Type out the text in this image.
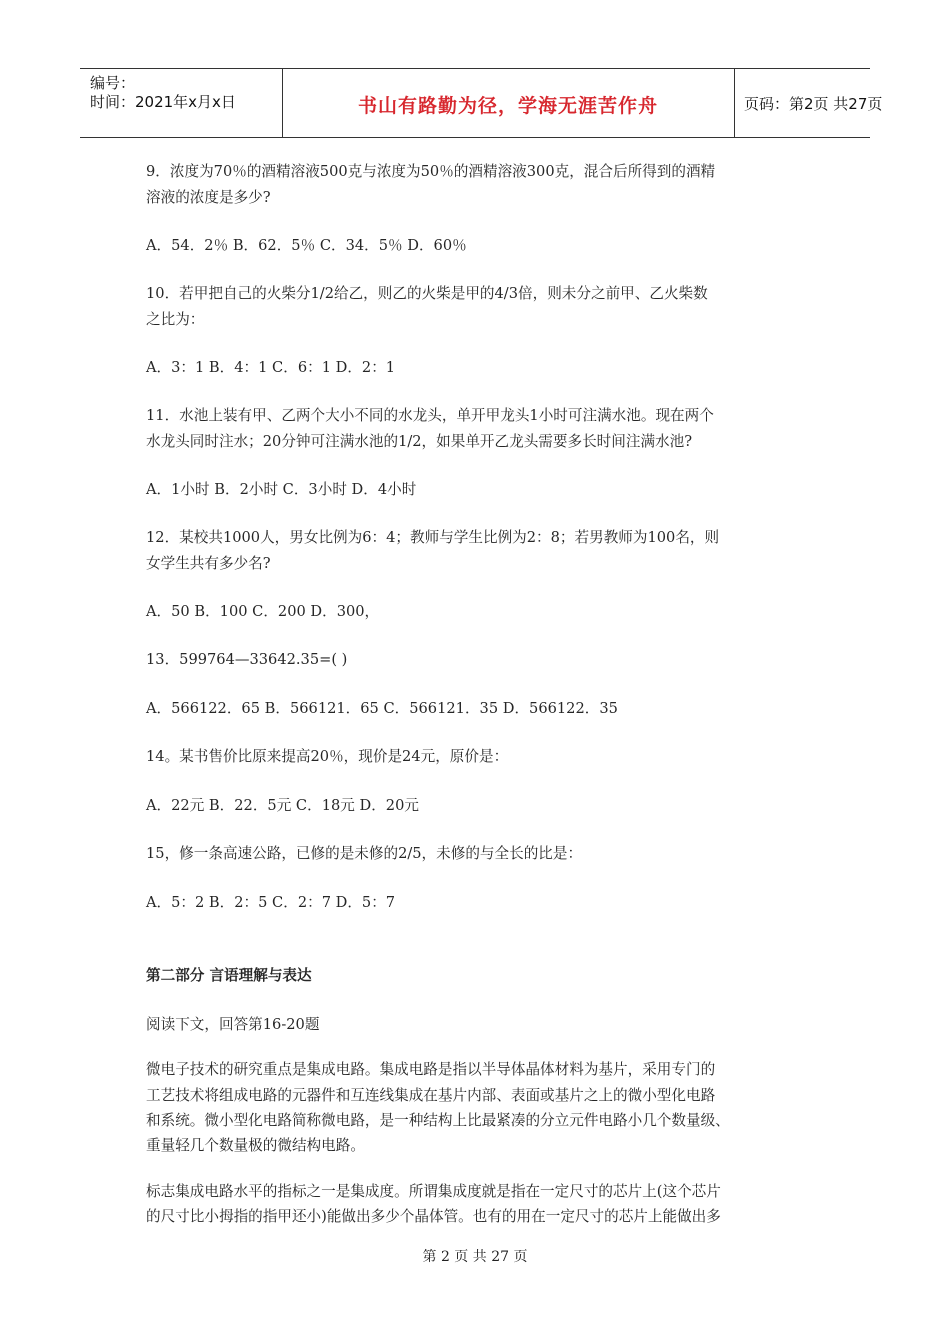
编号：
时间：2021年x月x日	书山有路勤为径，学海无涯苦作舟	页码：第2页 共27页

9．浓度为70％的酒精溶液500克与浓度为50％的酒精溶液300克，混合后所得到的酒精

溶液的浓度是多少?

A．54．2％ B．62．5％ C．34．5％ D．60％

10．若甲把自己的火柴分1/2给乙，则乙的火柴是甲的4/3倍，则未分之前甲、乙火柴数

之比为：

A．3：1 B．4：1 C．6：1 D．2：1

11．水池上装有甲、乙两个大小不同的水龙头，单开甲龙头1小时可注满水池。现在两个

水龙头同时注水；20分钟可注满水池的1/2，如果单开乙龙头需要多长时间注满水池?

A．1小时 B．2小时 C．3小时 D．4小时

12．某校共1000人，男女比例为6：4；教师与学生比例为2：8；若男教师为100名，则

女学生共有多少名?

A．50 B．100 C．200 D．300，

13．599764—33642.35=( )

A．566122．65 B．566121．65 C．566121．35 D．566122．35

14。某书售价比原来提高20％，现价是24元，原价是：

A．22元 B．22．5元 C．18元 D．20元

15，修一条高速公路，已修的是未修的2/5，未修的与全长的比是：

A．5：2 B．2：5 C．2：7 D．5：7

第二部分 言语理解与表达

阅读下文，回答第16-20题

微电子技术的研究重点是集成电路。集成电路是指以半导体晶体材料为基片，采用专门的

工艺技术将组成电路的元器件和互连线集成在基片内部、表面或基片之上的微小型化电路

和系统。微小型化电路简称微电路，是一种结构上比最紧凑的分立元件电路小几个数量级、

重量轻几个数量极的微结构电路。

标志集成电路水平的指标之一是集成度。所谓集成度就是指在一定尺寸的芯片上(这个芯片

的尺寸比小拇指的指甲还小)能做出多少个晶体管。也有的用在一定尺寸的芯片上能做出多

第 2 页 共 27 页
